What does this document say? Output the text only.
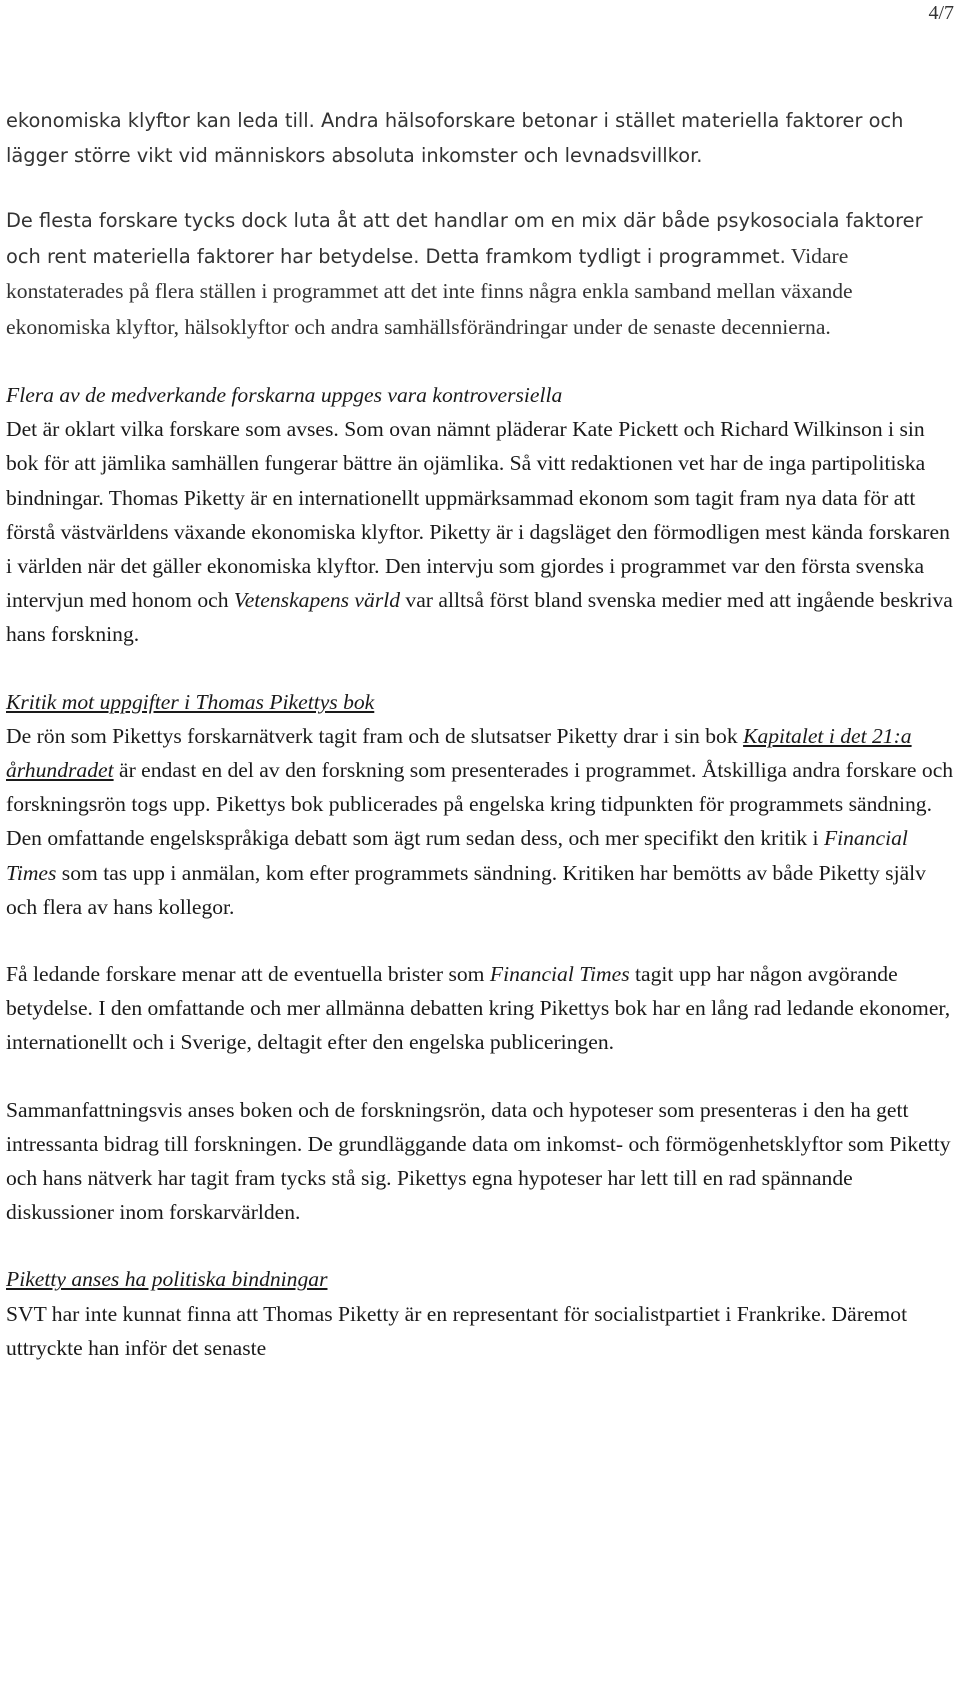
4/7

ekonomiska klyftor kan leda till. Andra hälsoforskare betonar i stället materiella faktorer och lägger större vikt vid människors absoluta inkomster och levnadsvillkor.

De flesta forskare tycks dock luta åt att det handlar om en mix där både psykosociala faktorer och rent materiella faktorer har betydelse. Detta framkom tydligt i programmet. Vidare konstaterades på flera ställen i programmet att det inte finns några enkla samband mellan växande ekonomiska klyftor, hälsoklyftor och andra samhällsförändringar under de senaste decennierna.

Flera av de medverkande forskarna uppges vara kontroversiella

Det är oklart vilka forskare som avses. Som ovan nämnt pläderar Kate Pickett och Richard Wilkinson i sin bok för att jämlika samhällen fungerar bättre än ojämlika. Så vitt redaktionen vet har de inga partipolitiska bindningar. Thomas Piketty är en internationellt uppmärksammad ekonom som tagit fram nya data för att förstå västvärldens växande ekonomiska klyftor. Piketty är i dagsläget den förmodligen mest kända forskaren i världen när det gäller ekonomiska klyftor. Den intervju som gjordes i programmet var den första svenska intervjun med honom och Vetenskapens värld var alltså först bland svenska medier med att ingående beskriva hans forskning.

Kritik mot uppgifter i Thomas Pikettys bok

De rön som Pikettys forskarnätverk tagit fram och de slutsatser Piketty drar i sin bok Kapitalet i det 21:a århundradet är endast en del av den forskning som presenterades i programmet. Åtskilliga andra forskare och forskningsrön togs upp. Pikettys bok publicerades på engelska kring tidpunkten för programmets sändning. Den omfattande engelskspråkiga debatt som ägt rum sedan dess, och mer specifikt den kritik i Financial Times som tas upp i anmälan, kom efter programmets sändning. Kritiken har bemötts av både Piketty själv och flera av hans kollegor.

Få ledande forskare menar att de eventuella brister som Financial Times tagit upp har någon avgörande betydelse. I den omfattande och mer allmänna debatten kring Pikettys bok har en lång rad ledande ekonomer, internationellt och i Sverige, deltagit efter den engelska publiceringen.

Sammanfattningsvis anses boken och de forskningsrön, data och hypoteser som presenteras i den ha gett intressanta bidrag till forskningen. De grundläggande data om inkomst- och förmögenhetsklyftor som Piketty och hans nätverk har tagit fram tycks stå sig. Pikettys egna hypoteser har lett till en rad spännande diskussioner inom forskarvärlden.

Piketty anses ha politiska bindningar

SVT har inte kunnat finna att Thomas Piketty är en representant för socialistpartiet i Frankrike. Däremot uttryckte han inför det senaste
